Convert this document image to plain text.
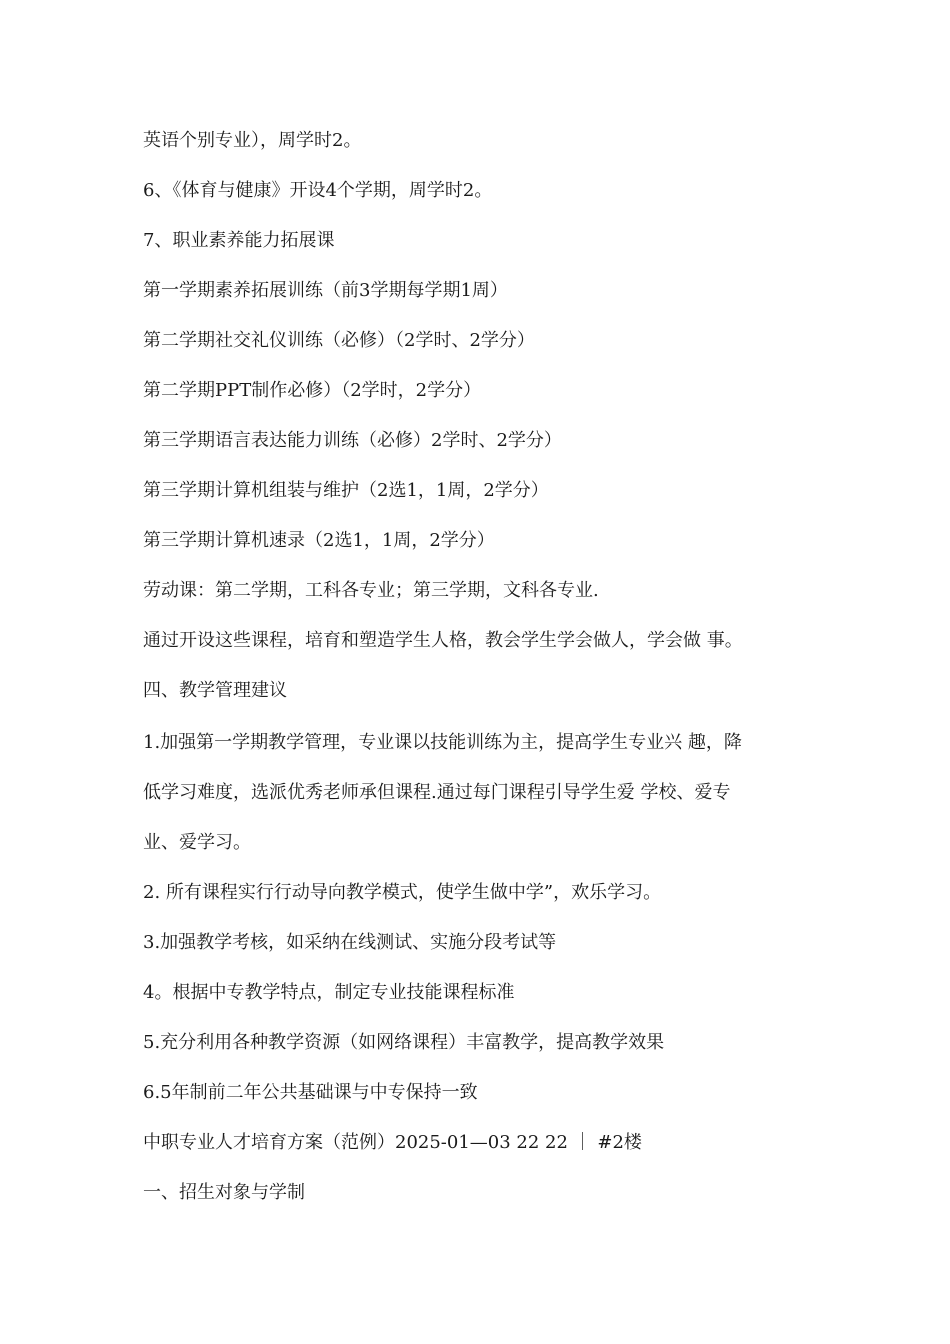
英语个别专业），周学时2。
6、《体育与健康》开设4个学期，周学时2。
7、职业素养能力拓展课
第一学期素养拓展训练（前3学期每学期1周）
第二学期社交礼仪训练（必修）（2学时、2学分）
第二学期PPT制作必修）（2学时，2学分）
第三学期语言表达能力训练（必修）2学时、2学分）
第三学期计算机组装与维护（2选1，1周，2学分）
第三学期计算机速录（2选1，1周，2学分）
劳动课：第二学期，工科各专业；第三学期，文科各专业.
通过开设这些课程，培育和塑造学生人格，教会学生学会做人，学会做 事。
四、教学管理建议
1.加强第一学期教学管理，专业课以技能训练为主，提高学生专业兴 趣，降
低学习难度，选派优秀老师承但课程.通过每门课程引导学生爱 学校、爱专
业、爱学习。
2. 所有课程实行行动导向教学模式，使学生做中学”，欢乐学习。
3.加强教学考核，如采纳在线测试、实施分段考试等
4。根据中专教学特点，制定专业技能课程标准
5.充分利用各种教学资源（如网络课程）丰富教学，提高教学效果
6.5年制前二年公共基础课与中专保持一致
中职专业人才培育方案（范例）2025-01—03 22 22 ｜ #2楼
一、招生对象与学制
